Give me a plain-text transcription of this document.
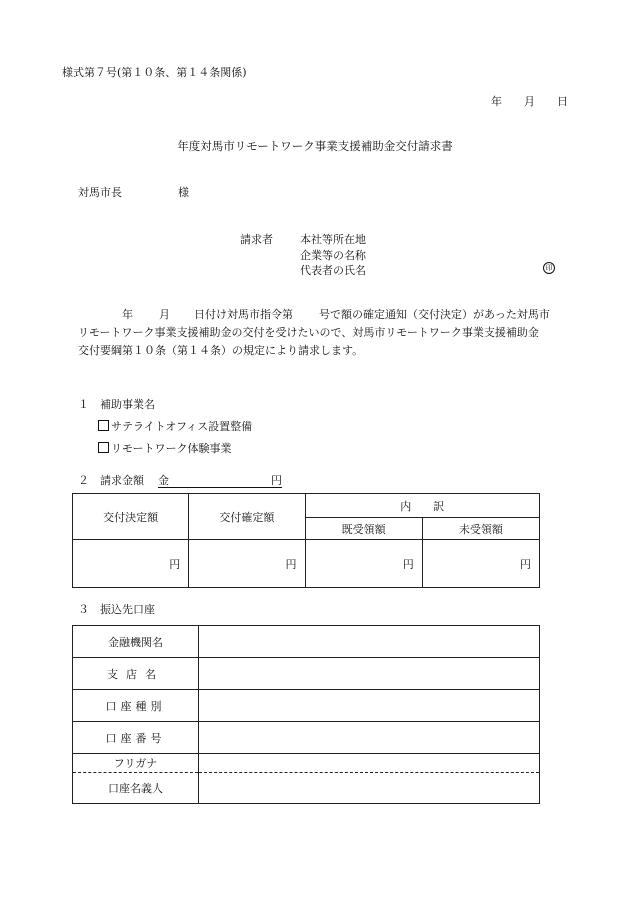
様式第７号(第１０条、第１４条関係)
年 月 日
年度対馬市リモートワーク事業支援補助金交付請求書
対馬市長	様
請求者 本社等所在地
企業等の名称
代表者の氏名	印

年 月 日付け対馬市指令第 号で額の確定通知（交付決定）があった対馬市

リモートワーク事業支援補助金の交付を受けたいので、対馬市リモートワーク事業支援補助金

交付要綱第１０条（第１４条）の規定により請求します。

１ 補助事業名
サテライトオフィス設置整備
リモートワーク体験事業
２ 請求金額 金	円
交付決定額	交付確定額	内　　訳	
		既受領額	未受領額
円	円	円	円
３ 振込先口座
金融機関名	
支店名	
口座種別	
口座番号	
フリガナ	
口座名義人	
